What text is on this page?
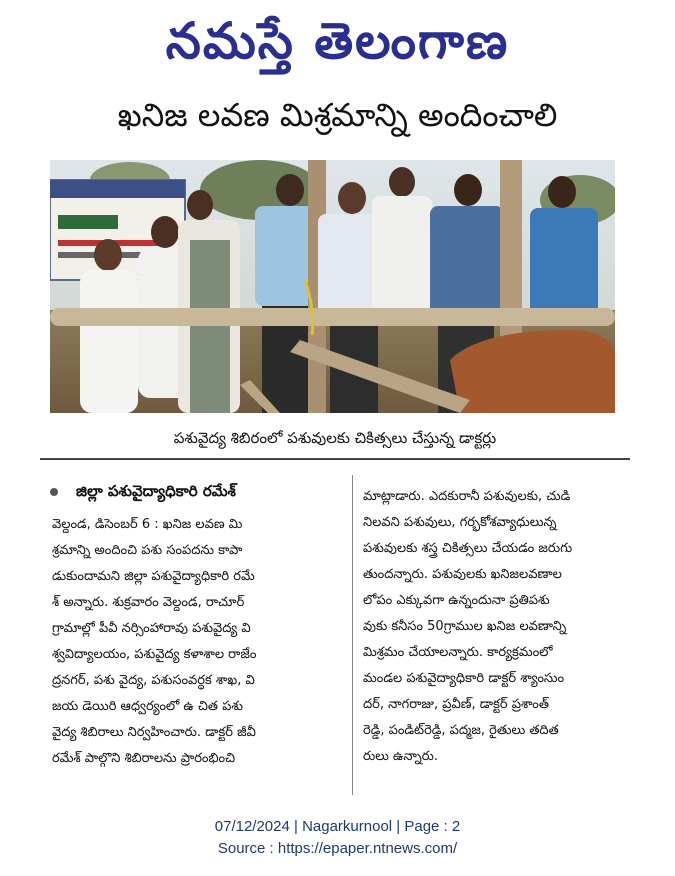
నమస్తే తెలంగాణ
ఖనిజ లవణ మిశ్రమాన్ని అందించాలి
పశువైద్య శిబిరంలో పశువులకు చికిత్సలు చేస్తున్న డాక్టర్లు
జిల్లా పశువైద్యాధికారి రమేశ్
వెల్దండ, డిసెంబర్ 6 : ఖనిజ లవణ మి
శ్రమాన్ని అందించి పశు సంపదను కాపా
డుకుందామని జిల్లా పశువైద్యాధికారి రమే
శ్ అన్నారు. శుక్రవారం వెల్దండ, రాచూర్
గ్రామాల్లో పీవీ నర్సింహారావు పశువైద్య వి
శ్వవిద్యాలయం, పశువైద్య కళాశాల రాజేం
ద్రనగర్, పశు వైద్య, పశుసంవర్ధక శాఖ, వి
జయ డెయిరి ఆధ్వర్యంలో ఉ చిత పశు
వైద్య శిబిరాలు నిర్వహించారు. డాక్టర్ జీవీ
రమేశ్ పాల్గొని శిబిరాలను ప్రారంభించి
మాట్లాడారు. ఎదకురానీ పశువులకు, చుడి
నిలవని పశువులు, గర్భకోశవ్యాధులున్న
పశువులకు శస్త్ర చికిత్సలు చేయడం జరుగు
తుందన్నారు. పశువులకు ఖనిజలవణాల
లోపం ఎక్కువగా ఉన్నందునా ప్రతిపశు
వుకు కనీసం 50గ్రాముల ఖనిజ లవణాన్ని
మిశ్రమం చేయాలన్నారు. కార్యక్రమంలో
మండల పశువైద్యాధికారి డాక్టర్ శ్యాంసుం
దర్, నాగరాజు, ప్రవీణ్, డాక్టర్ ప్రశాంత్
రెడ్డి, పండిట్‌రెడ్డి, పద్మజ, రైతులు తదిత
రులు ఉన్నారు.
07/12/2024 | Nagarkurnool | Page : 2
Source : https://epaper.ntnews.com/
